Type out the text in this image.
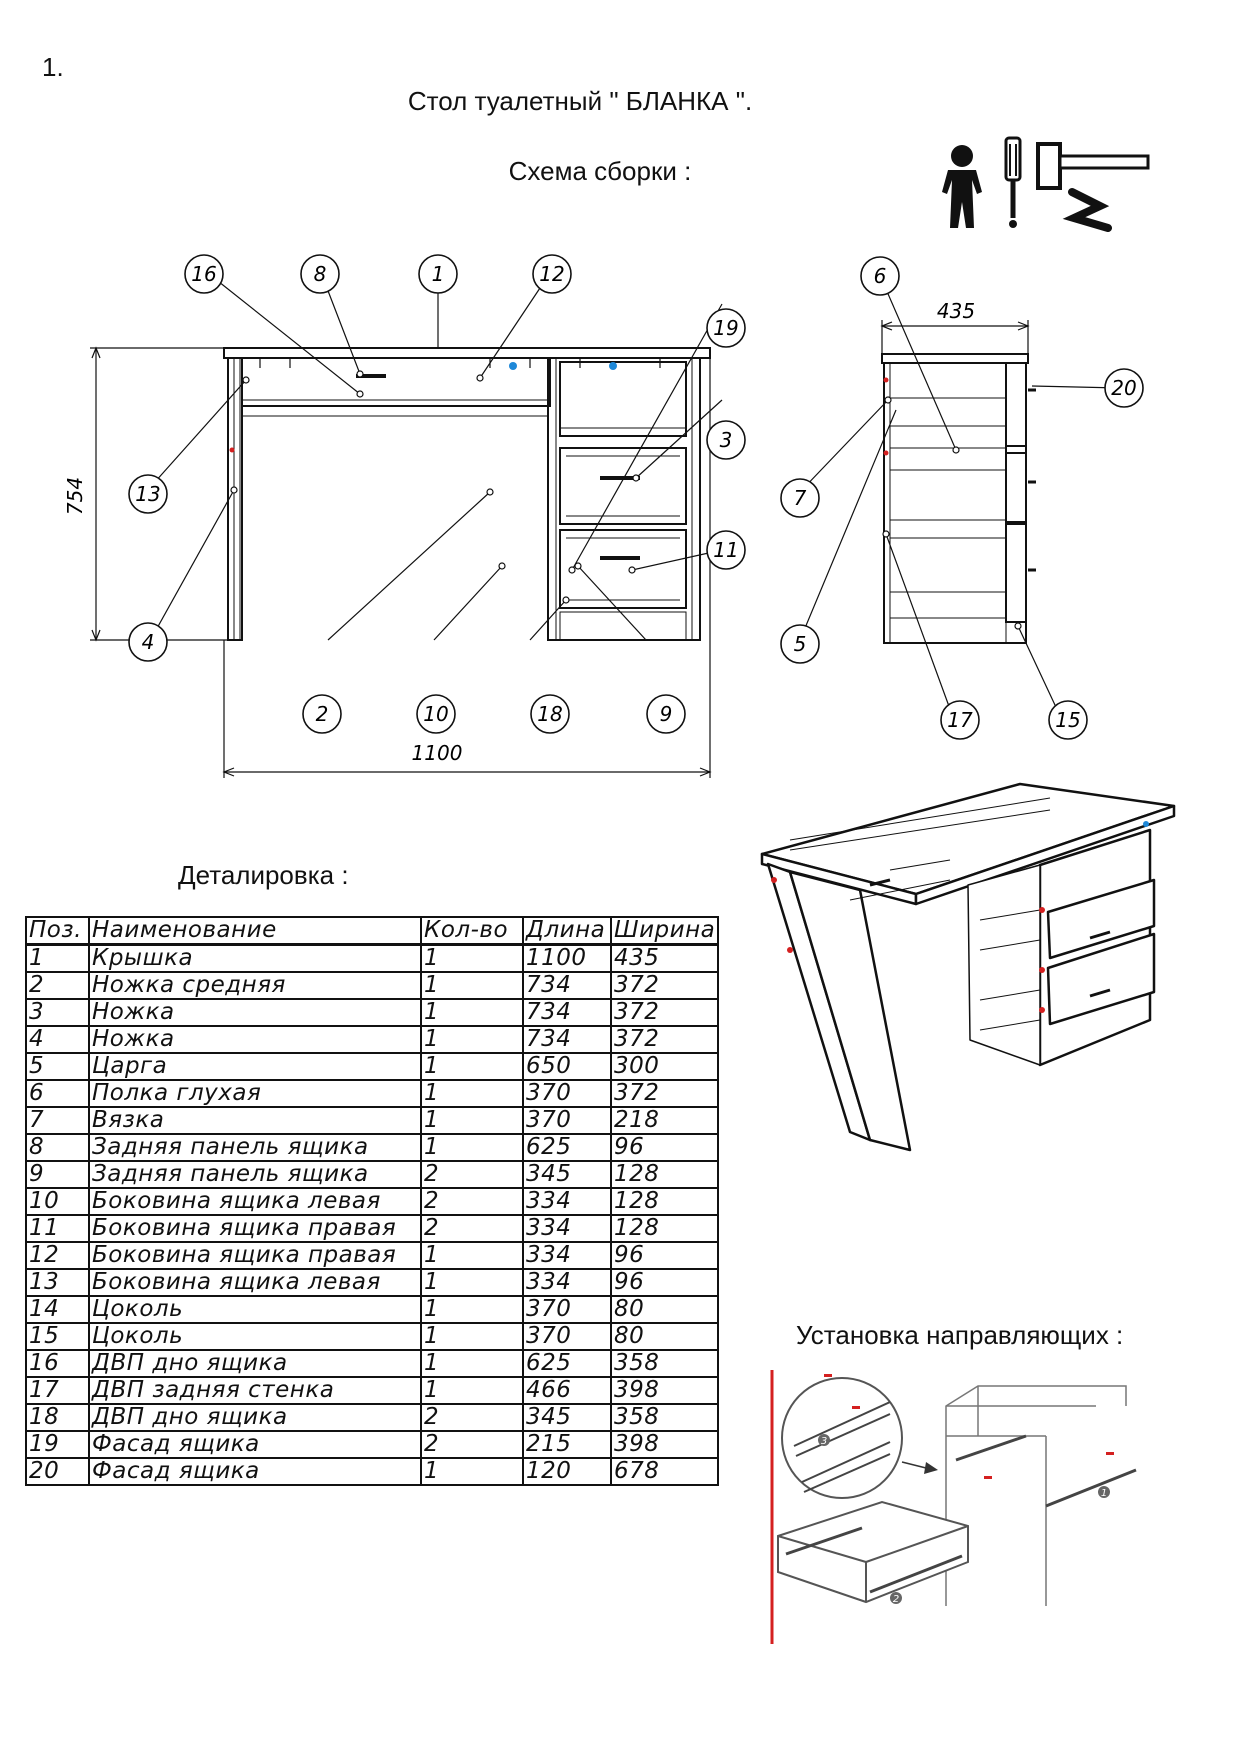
1.
Стол туалетный " БЛАНКА ".
Схема сборки :
754
1100
16	8	1	12
19
3
13
11
4
2	10	18	9
435
6
20
7
5
17	15
Деталировка :
Поз.	Наименование	Кол-во	Длина	Ширина
1	Крышка	1	1100	435
2	Ножка средняя	1	734	372
3	Ножка	1	734	372
4	Ножка	1	734	372
5	Царга	1	650	300
6	Полка глухая	1	370	372
7	Вязка	1	370	218
8	Задняя панель ящика	1	625	96
9	Задняя панель ящика	2	345	128
10	Боковина ящика левая	2	334	128
11	Боковина ящика правая	2	334	128
12	Боковина ящика правая	1	334	96
13	Боковина ящика левая	1	334	96
14	Цоколь	1	370	80
15	Цоколь	1	370	80
16	ДВП дно ящика	1	625	358
17	ДВП задняя стенка	1	466	398
18	ДВП дно ящика	2	345	358
19	Фасад ящика	2	215	398
20	Фасад ящика	1	120	678
Установка направляющих :
3
1
2
